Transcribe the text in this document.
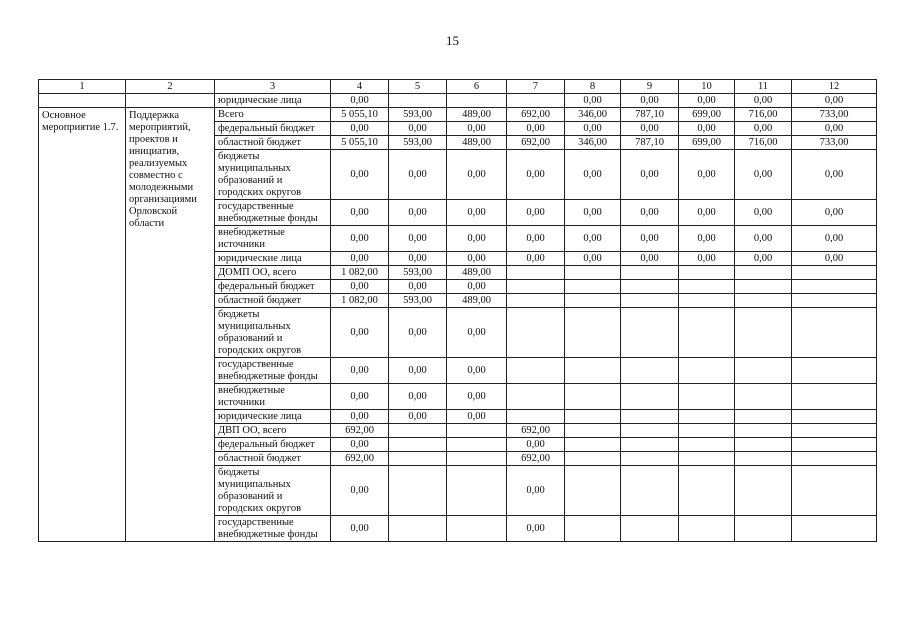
15
1	2	3	4	5	6	7	8	9	10	11	12
		юридические лица	0,00				0,00	0,00	0,00	0,00	0,00
Основное мероприятие 1.7.	Поддержка мероприятий, проектов и инициатив, реализуемых совместно с молодежными организациями Орловской области	Всего	5 055,10	593,00	489,00	692,00	346,00	787,10	699,00	716,00	733,00
		федеральный бюджет	0,00	0,00	0,00	0,00	0,00	0,00	0,00	0,00	0,00
		областной бюджет	5 055,10	593,00	489,00	692,00	346,00	787,10	699,00	716,00	733,00
		бюджеты муниципальных образований и городских округов	0,00	0,00	0,00	0,00	0,00	0,00	0,00	0,00	0,00
		государственные внебюджетные фонды	0,00	0,00	0,00	0,00	0,00	0,00	0,00	0,00	0,00
		внебюджетные источники	0,00	0,00	0,00	0,00	0,00	0,00	0,00	0,00	0,00
		юридические лица	0,00	0,00	0,00	0,00	0,00	0,00	0,00	0,00	0,00
		ДОМП ОО, всего	1 082,00	593,00	489,00						
		федеральный бюджет	0,00	0,00	0,00						
		областной бюджет	1 082,00	593,00	489,00						
		бюджеты муниципальных образований и городских округов	0,00	0,00	0,00						
		государственные внебюджетные фонды	0,00	0,00	0,00						
		внебюджетные источники	0,00	0,00	0,00						
		юридические лица	0,00	0,00	0,00						
		ДВП ОО, всего	692,00			692,00					
		федеральный бюджет	0,00			0,00					
		областной бюджет	692,00			692,00					
		бюджеты муниципальных образований и городских округов	0,00			0,00					
		государственные внебюджетные фонды	0,00			0,00					
